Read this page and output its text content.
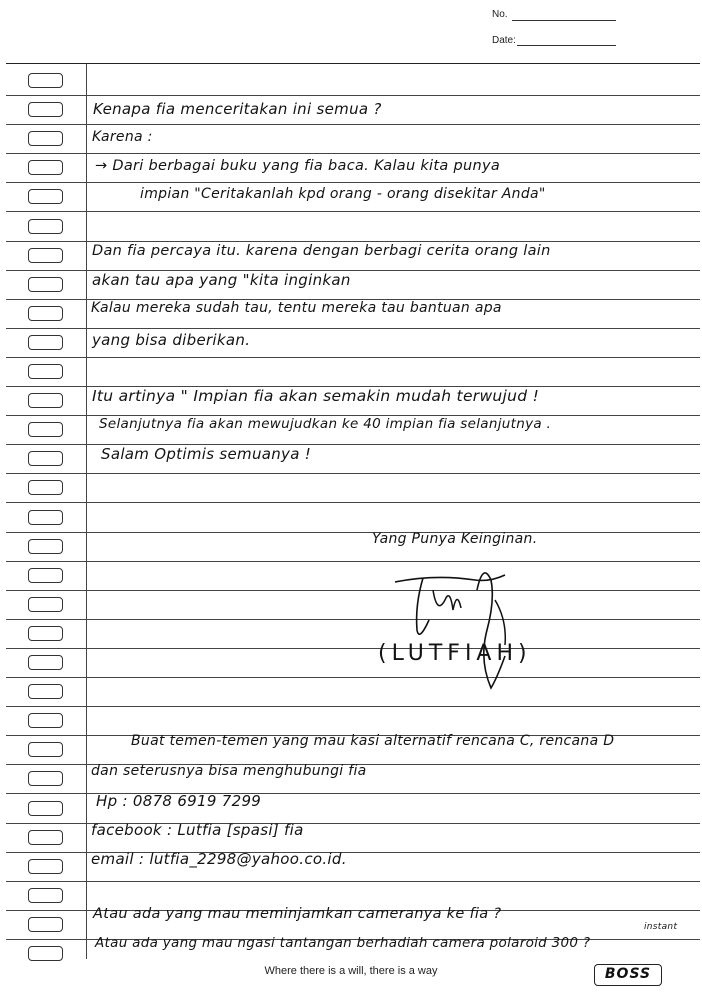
No.
Date:
Kenapa fia menceritakan ini semua ?
Karena :
→ Dari berbagai buku yang fia baca. Kalau kita punya
impian "Ceritakanlah kpd orang - orang disekitar Anda"
Dan fia percaya itu. karena dengan berbagi cerita orang lain
akan tau apa yang "kita inginkan
Kalau mereka sudah tau, tentu mereka tau bantuan apa
yang bisa diberikan.
Itu artinya " Impian fia akan semakin mudah terwujud !
Selanjutnya fia akan mewujudkan ke 40 impian fia selanjutnya .
Salam Optimis semuanya !
Yang Punya Keinginan.
(LUTFIAH)
Buat temen-temen yang mau kasi alternatif rencana C, rencana D
dan seterusnya bisa menghubungi fia
Hp : 0878 6919 7299
facebook : Lutfia [spasi] fia
email : lutfia_2298@yahoo.co.id.
Atau ada yang mau meminjamkan cameranya ke fia ?
Atau ada yang mau ngasi tantangan berhadiah camera polaroid 300 ?
instant
Where there is a will, there is a way	BOSS
